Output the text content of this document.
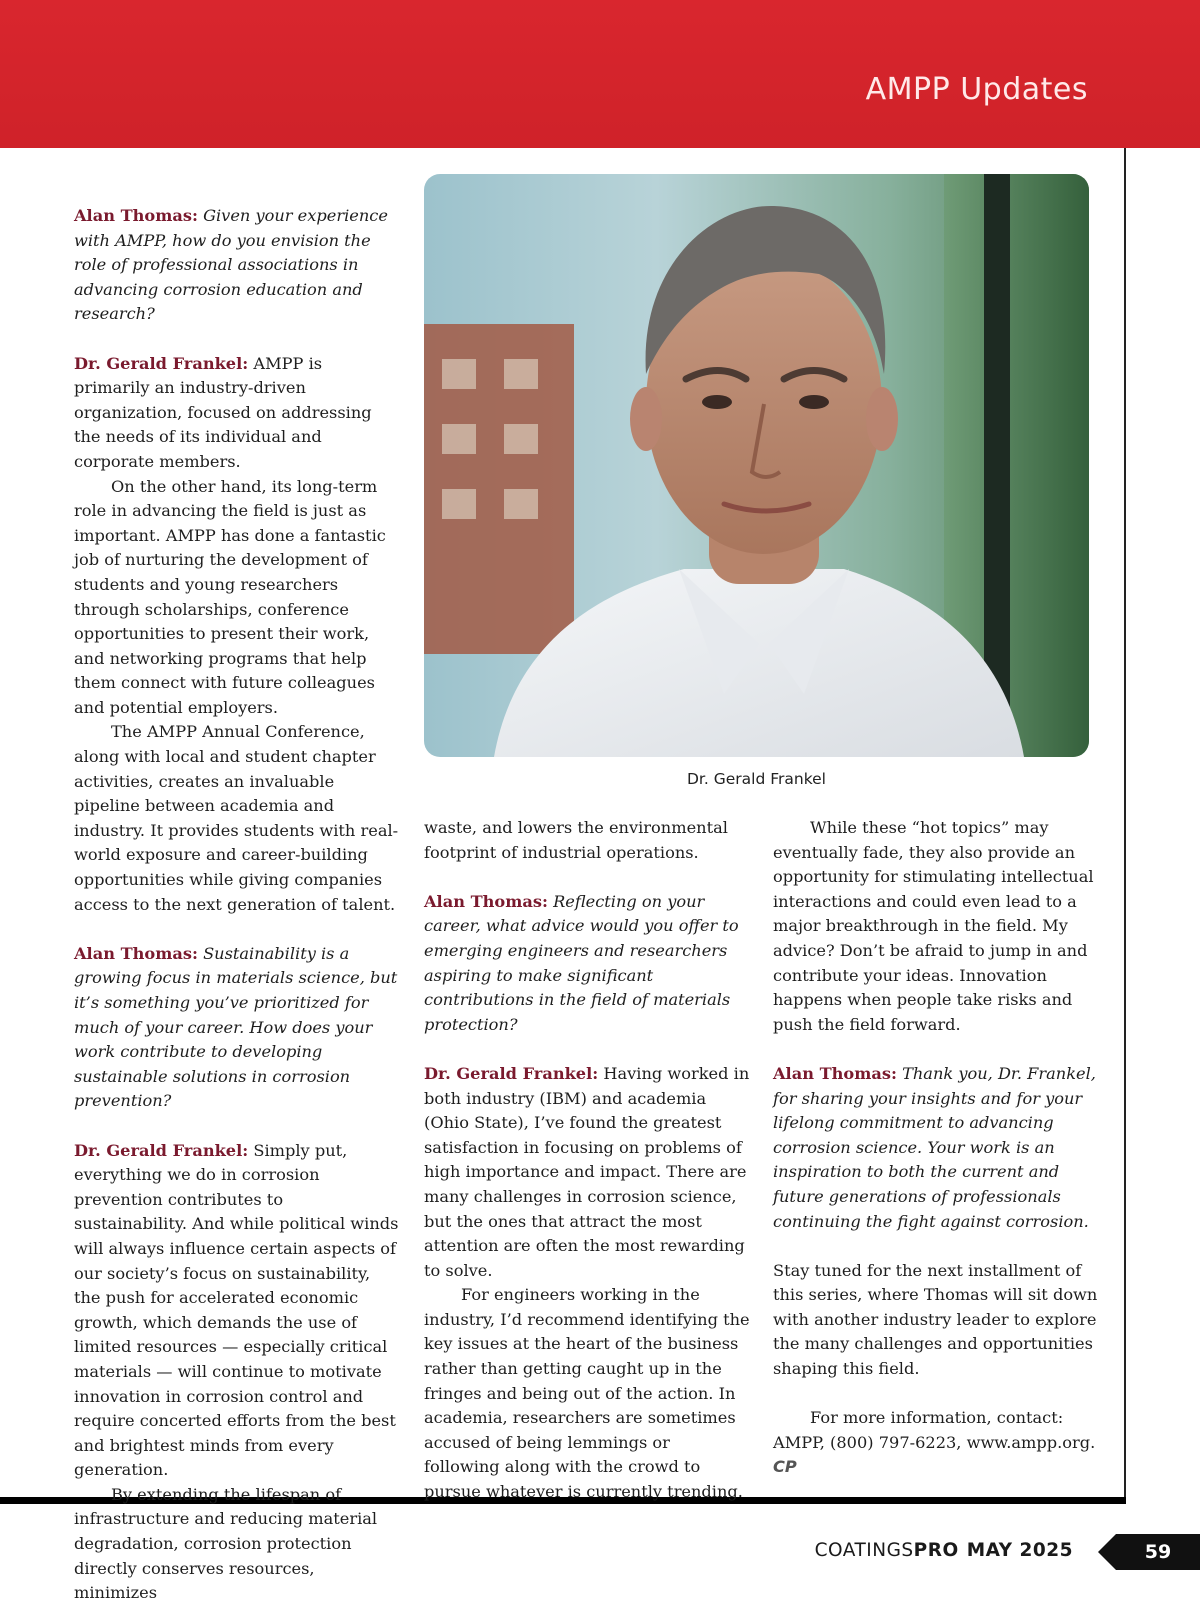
AMPP Updates

Alan Thomas: Given your experience with AMPP, how do you envision the role of professional associations in advancing corrosion education and research?

Dr. Gerald Frankel: AMPP is primarily an industry-driven organization, focused on addressing the needs of its individual and corporate members.

On the other hand, its long-term role in advancing the field is just as important. AMPP has done a fantastic job of nurturing the development of students and young researchers through scholarships, conference opportunities to present their work, and networking programs that help them connect with future colleagues and potential employers.

The AMPP Annual Conference, along with local and student chapter activities, creates an invaluable pipeline between academia and industry. It provides students with real-world exposure and career-building opportunities while giving companies access to the next generation of talent.

Alan Thomas: Sustainability is a growing focus in materials science, but it’s something you’ve prioritized for much of your career. How does your work contribute to developing sustainable solutions in corrosion prevention?

Dr. Gerald Frankel: Simply put, everything we do in corrosion prevention contributes to sustainability. And while political winds will always influence certain aspects of our society’s focus on sustainability, the push for accelerated economic growth, which demands the use of limited resources — especially critical materials — will continue to motivate innovation in corrosion control and require concerted efforts from the best and brightest minds from every generation.

By extending the lifespan of infrastructure and reducing material degradation, corrosion protection directly conserves resources, minimizes

Dr. Gerald Frankel

waste, and lowers the environmental footprint of industrial operations.

Alan Thomas: Reflecting on your career, what advice would you offer to emerging engineers and researchers aspiring to make significant contributions in the field of materials protection?

Dr. Gerald Frankel: Having worked in both industry (IBM) and academia (Ohio State), I’ve found the greatest satisfaction in focusing on problems of high importance and impact. There are many challenges in corrosion science, but the ones that attract the most attention are often the most rewarding to solve.

For engineers working in the industry, I’d recommend identifying the key issues at the heart of the business rather than getting caught up in the fringes and being out of the action. In academia, researchers are sometimes accused of being lemmings or following along with the crowd to pursue whatever is currently trending.

While these “hot topics” may eventually fade, they also provide an opportunity for stimulating intellectual interactions and could even lead to a major breakthrough in the field. My advice? Don’t be afraid to jump in and contribute your ideas. Innovation happens when people take risks and push the field forward.

Alan Thomas: Thank you, Dr. Frankel, for sharing your insights and for your lifelong commitment to advancing corrosion science. Your work is an inspiration to both the current and future generations of professionals continuing the fight against corrosion.

Stay tuned for the next installment of this series, where Thomas will sit down with another industry leader to explore the many challenges and opportunities shaping this field.

For more information, contact: AMPP, (800) 797-6223, www.ampp.org. CP

COATINGSPRO MAY 2025	59
